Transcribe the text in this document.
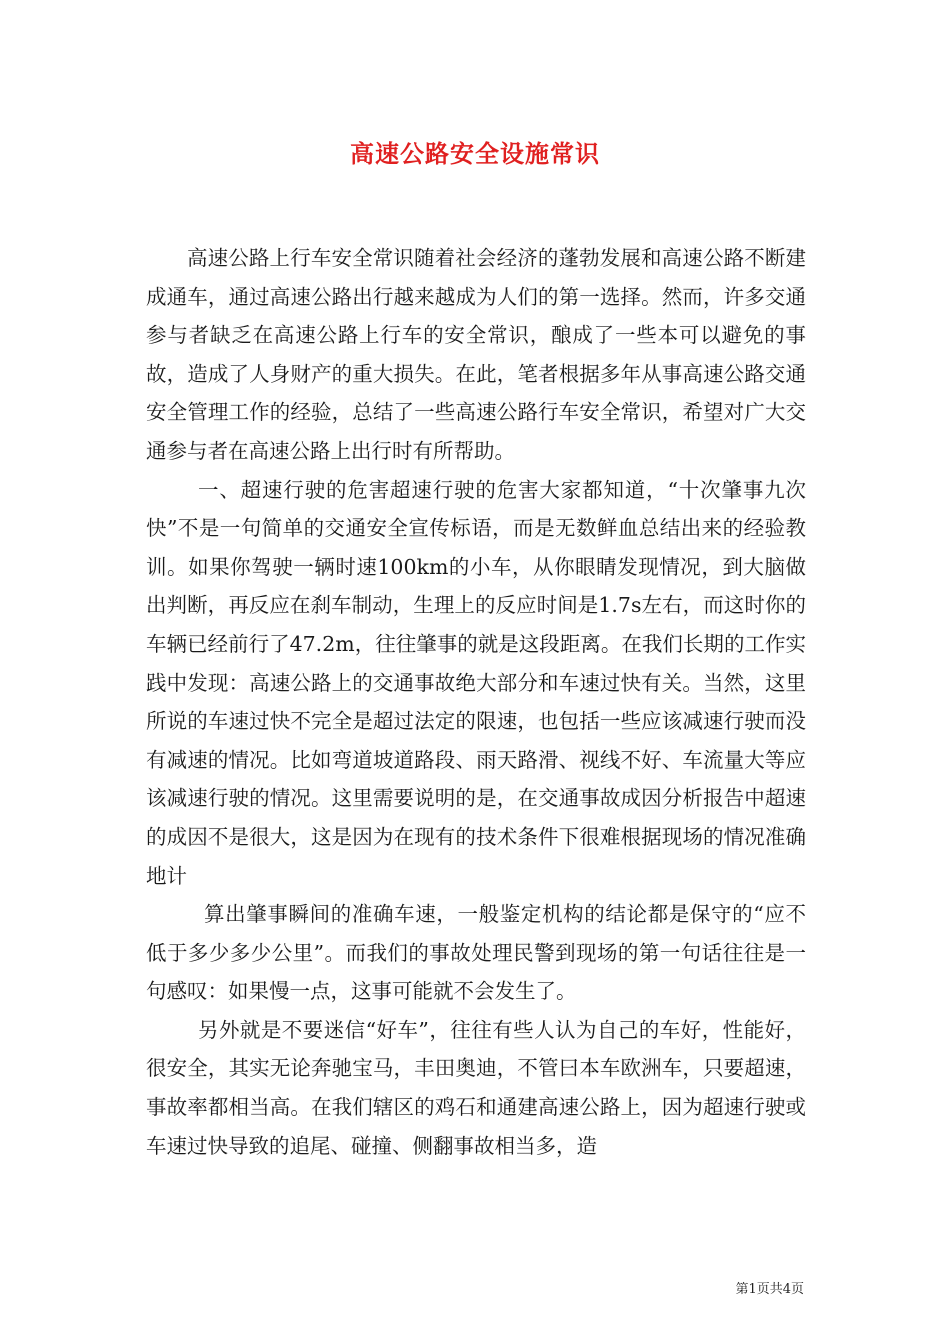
高速公路安全设施常识

高速公路上行车安全常识随着社会经济的蓬勃发展和高速公路不断建成通车，通过高速公路出行越来越成为人们的第一选择。然而，许多交通参与者缺乏在高速公路上行车的安全常识，酿成了一些本可以避免的事故，造成了人身财产的重大损失。在此，笔者根据多年从事高速公路交通安全管理工作的经验，总结了一些高速公路行车安全常识，希望对广大交通参与者在高速公路上出行时有所帮助。

一、超速行驶的危害超速行驶的危害大家都知道，“十次肇事九次快”不是一句简单的交通安全宣传标语，而是无数鲜血总结出来的经验教训。如果你驾驶一辆时速100km的小车，从你眼睛发现情况，到大脑做出判断，再反应在刹车制动，生理上的反应时间是1.7s左右，而这时你的车辆已经前行了47.2m，往往肇事的就是这段距离。在我们长期的工作实践中发现：高速公路上的交通事故绝大部分和车速过快有关。当然，这里所说的车速过快不完全是超过法定的限速，也包括一些应该减速行驶而没有减速的情况。比如弯道坡道路段、雨天路滑、视线不好、车流量大等应该减速行驶的情况。这里需要说明的是，在交通事故成因分析报告中超速的成因不是很大，这是因为在现有的技术条件下很难根据现场的情况准确地计

算出肇事瞬间的准确车速，一般鉴定机构的结论都是保守的“应不低于多少多少公里”。而我们的事故处理民警到现场的第一句话往往是一句感叹：如果慢一点，这事可能就不会发生了。

另外就是不要迷信“好车”，往往有些人认为自己的车好，性能好，很安全，其实无论奔驰宝马，丰田奥迪，不管曰本车欧洲车，只要超速，事故率都相当高。在我们辖区的鸡石和通建高速公路上，因为超速行驶或车速过快导致的追尾、碰撞、侧翻事故相当多，造

第1页共4页
